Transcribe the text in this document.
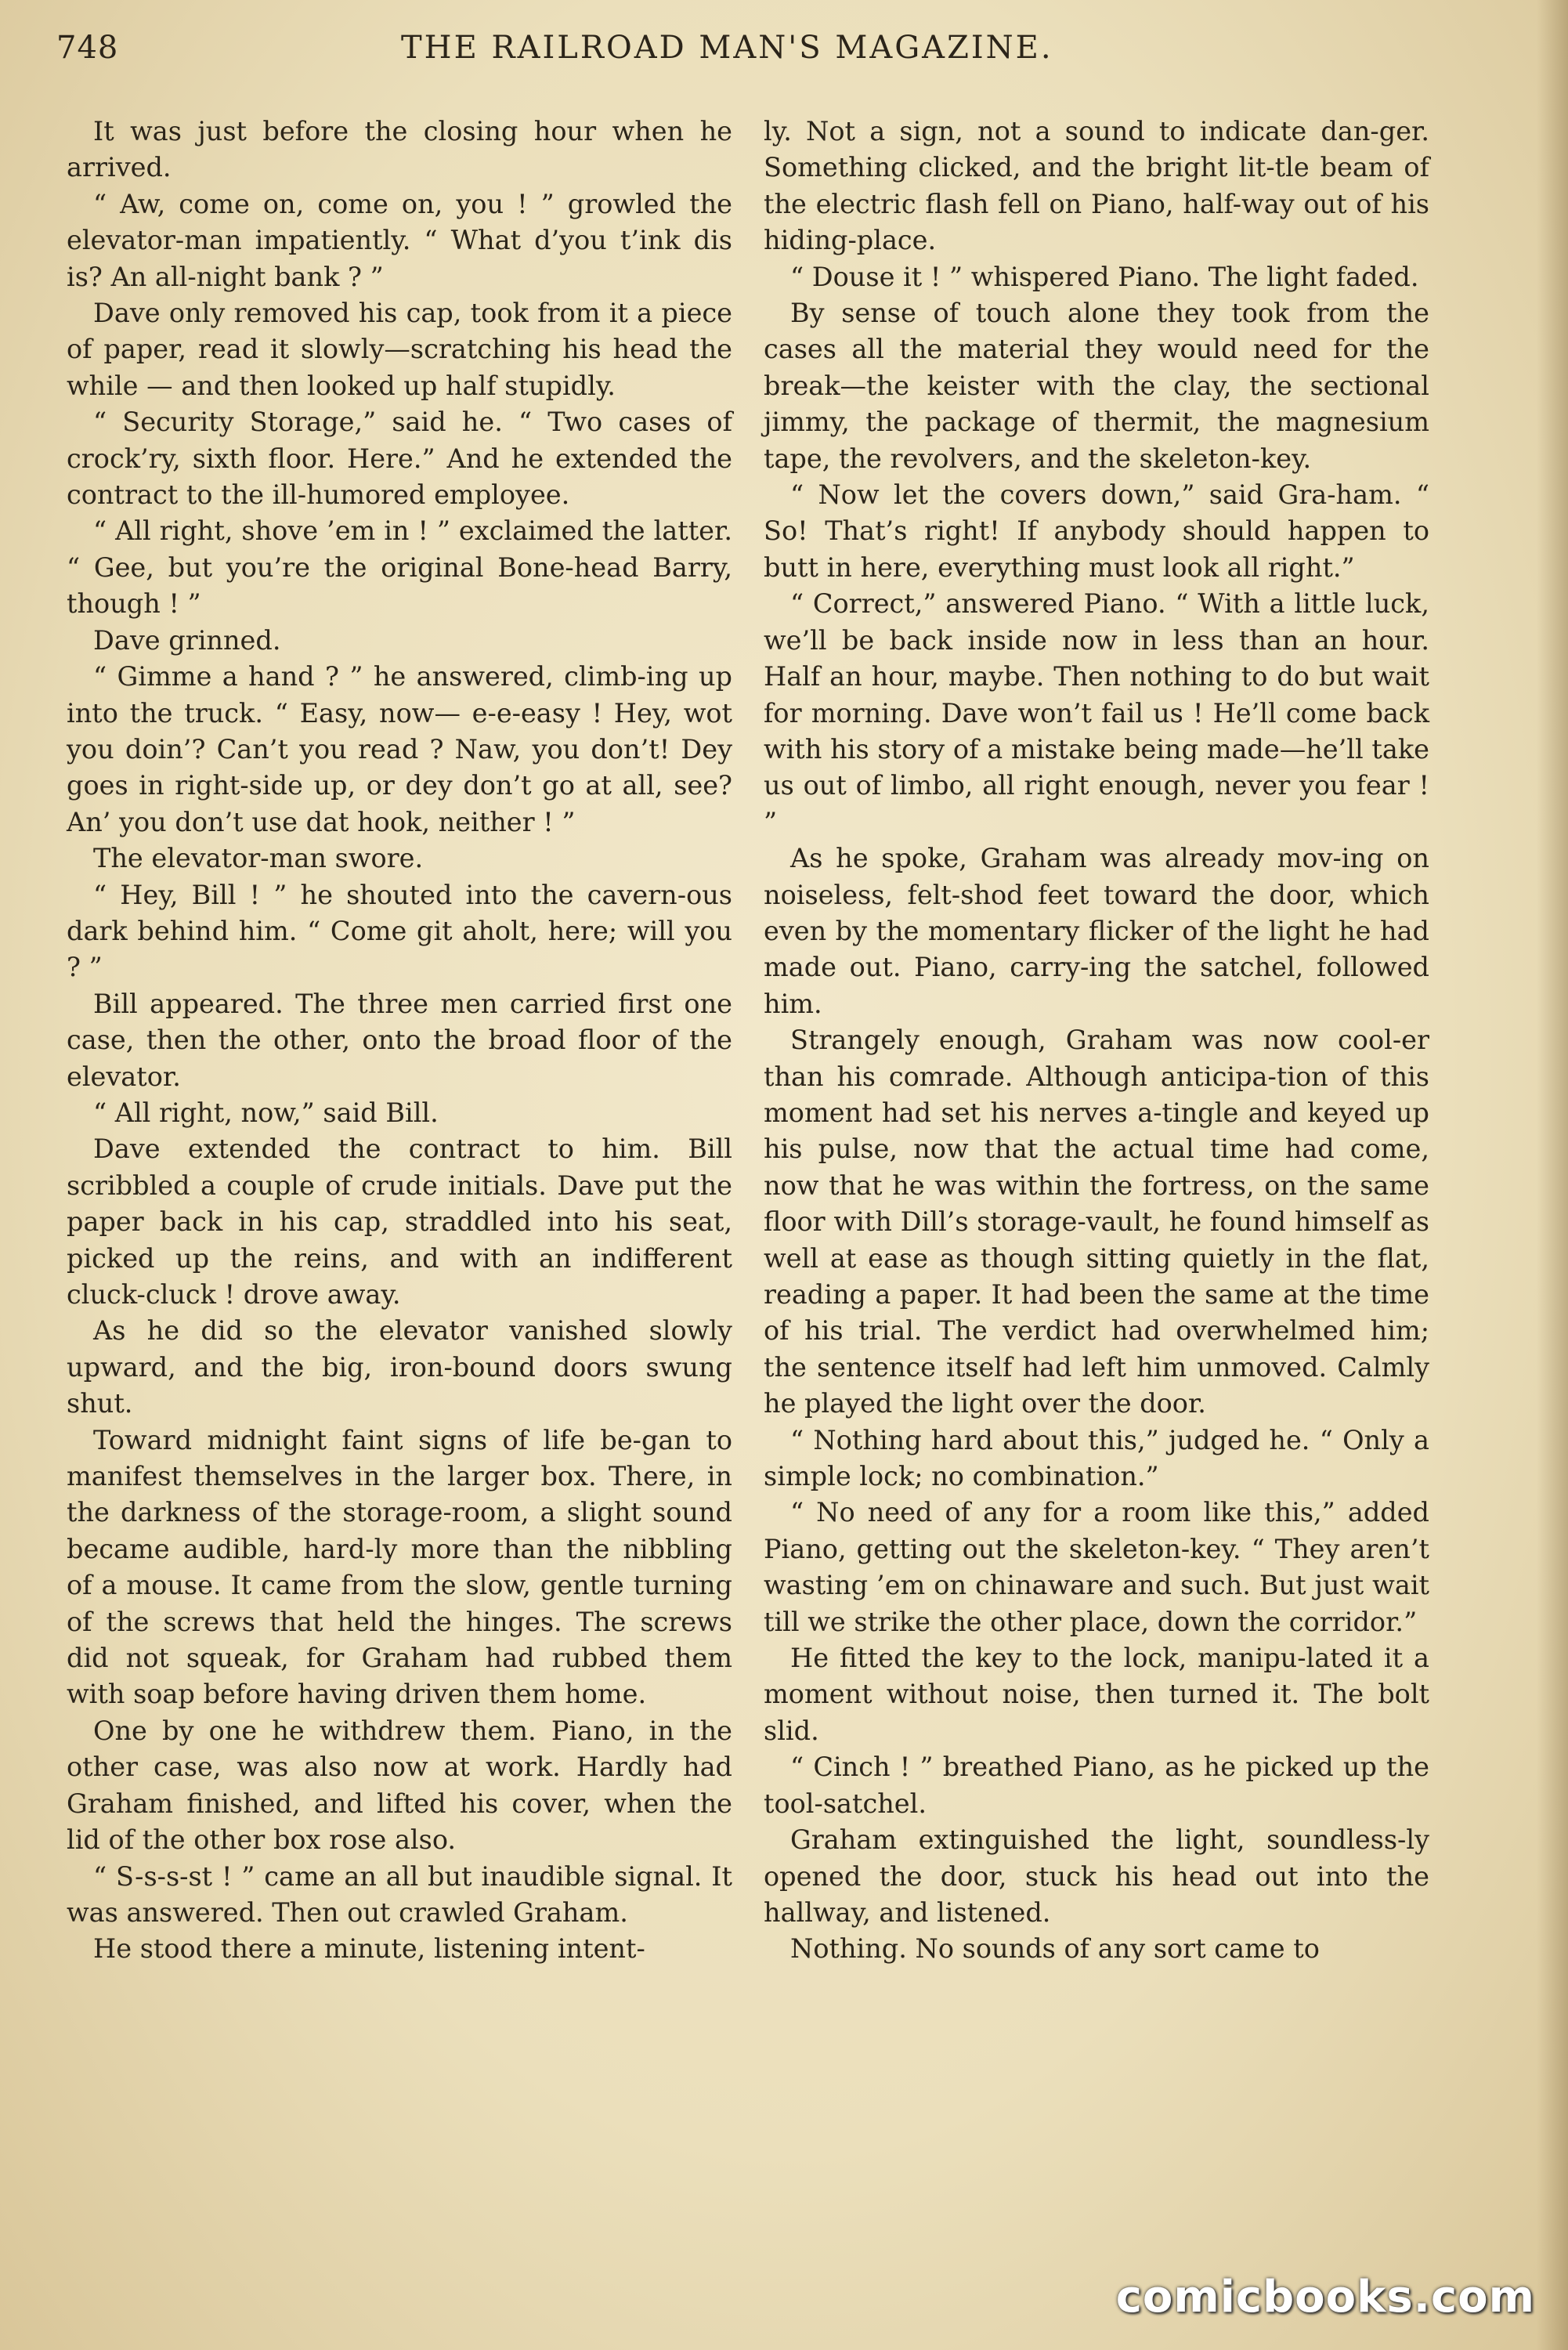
748	THE RAILROAD MAN'S MAGAZINE.

It was just before the closing hour when he arrived.

“ Aw, come on, come on, you ! ” growled the elevator-man impatiently. “ What d’you t’ink dis is? An all-night bank ? ”

Dave only removed his cap, took from it a piece of paper, read it slowly—scratching his head the while — and then looked up half stupidly.

“ Security Storage,” said he. “ Two cases of crock’ry, sixth floor. Here.” And he extended the contract to the ill-humored employee.

“ All right, shove ’em in ! ” exclaimed the latter. “ Gee, but you’re the original Bone-head Barry, though ! ”

Dave grinned.

“ Gimme a hand ? ” he answered, climb-ing up into the truck. “ Easy, now— e-e-easy ! Hey, wot you doin’? Can’t you read ? Naw, you don’t! Dey goes in right-side up, or dey don’t go at all, see? An’ you don’t use dat hook, neither ! ”

The elevator-man swore.

“ Hey, Bill ! ” he shouted into the cavern-ous dark behind him. “ Come git aholt, here; will you ? ”

Bill appeared. The three men carried first one case, then the other, onto the broad floor of the elevator.

“ All right, now,” said Bill.

Dave extended the contract to him. Bill scribbled a couple of crude initials. Dave put the paper back in his cap, straddled into his seat, picked up the reins, and with an indifferent cluck-cluck ! drove away.

As he did so the elevator vanished slowly upward, and the big, iron-bound doors swung shut.

Toward midnight faint signs of life be-gan to manifest themselves in the larger box. There, in the darkness of the storage-room, a slight sound became audible, hard-ly more than the nibbling of a mouse. It came from the slow, gentle turning of the screws that held the hinges. The screws did not squeak, for Graham had rubbed them with soap before having driven them home.

One by one he withdrew them. Piano, in the other case, was also now at work. Hardly had Graham finished, and lifted his cover, when the lid of the other box rose also.

“ S-s-s-st ! ” came an all but inaudible signal. It was answered. Then out crawled Graham.

He stood there a minute, listening intent-

ly. Not a sign, not a sound to indicate dan-ger. Something clicked, and the bright lit-tle beam of the electric flash fell on Piano, half-way out of his hiding-place.

“ Douse it ! ” whispered Piano. The light faded.

By sense of touch alone they took from the cases all the material they would need for the break—the keister with the clay, the sectional jimmy, the package of thermit, the magnesium tape, the revolvers, and the skeleton-key.

“ Now let the covers down,” said Gra-ham. “ So! That’s right! If anybody should happen to butt in here, everything must look all right.”

“ Correct,” answered Piano. “ With a little luck, we’ll be back inside now in less than an hour. Half an hour, maybe. Then nothing to do but wait for morning. Dave won’t fail us ! He’ll come back with his story of a mistake being made—he’ll take us out of limbo, all right enough, never you fear ! ”

As he spoke, Graham was already mov-ing on noiseless, felt-shod feet toward the door, which even by the momentary flicker of the light he had made out. Piano, carry-ing the satchel, followed him.

Strangely enough, Graham was now cool-er than his comrade. Although anticipa-tion of this moment had set his nerves a-tingle and keyed up his pulse, now that the actual time had come, now that he was within the fortress, on the same floor with Dill’s storage-vault, he found himself as well at ease as though sitting quietly in the flat, reading a paper. It had been the same at the time of his trial. The verdict had overwhelmed him; the sentence itself had left him unmoved. Calmly he played the light over the door.

“ Nothing hard about this,” judged he. “ Only a simple lock; no combination.”

“ No need of any for a room like this,” added Piano, getting out the skeleton-key. “ They aren’t wasting ’em on chinaware and such. But just wait till we strike the other place, down the corridor.”

He fitted the key to the lock, manipu-lated it a moment without noise, then turned it. The bolt slid.

“ Cinch ! ” breathed Piano, as he picked up the tool-satchel.

Graham extinguished the light, soundless-ly opened the door, stuck his head out into the hallway, and listened.

Nothing. No sounds of any sort came to

comicbooks.com
